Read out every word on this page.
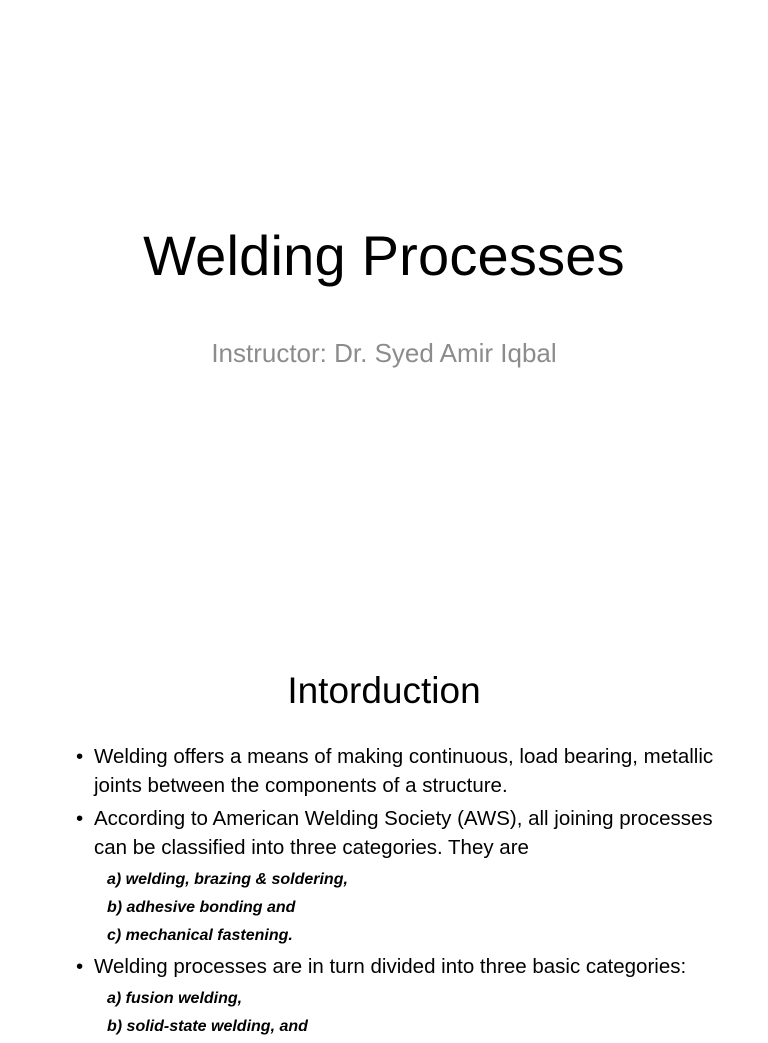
Welding Processes

Instructor: Dr. Syed Amir Iqbal

Intorduction

• Welding offers a means of making continuous, load bearing, metallic joints between the components of a structure.

• According to American Welding Society (AWS), all joining processes can be classified into three categories. They are

a) welding, brazing & soldering,
b) adhesive bonding and
c) mechanical fastening.

• Welding processes are in turn divided into three basic categories:

a) fusion welding,
b) solid-state welding, and
